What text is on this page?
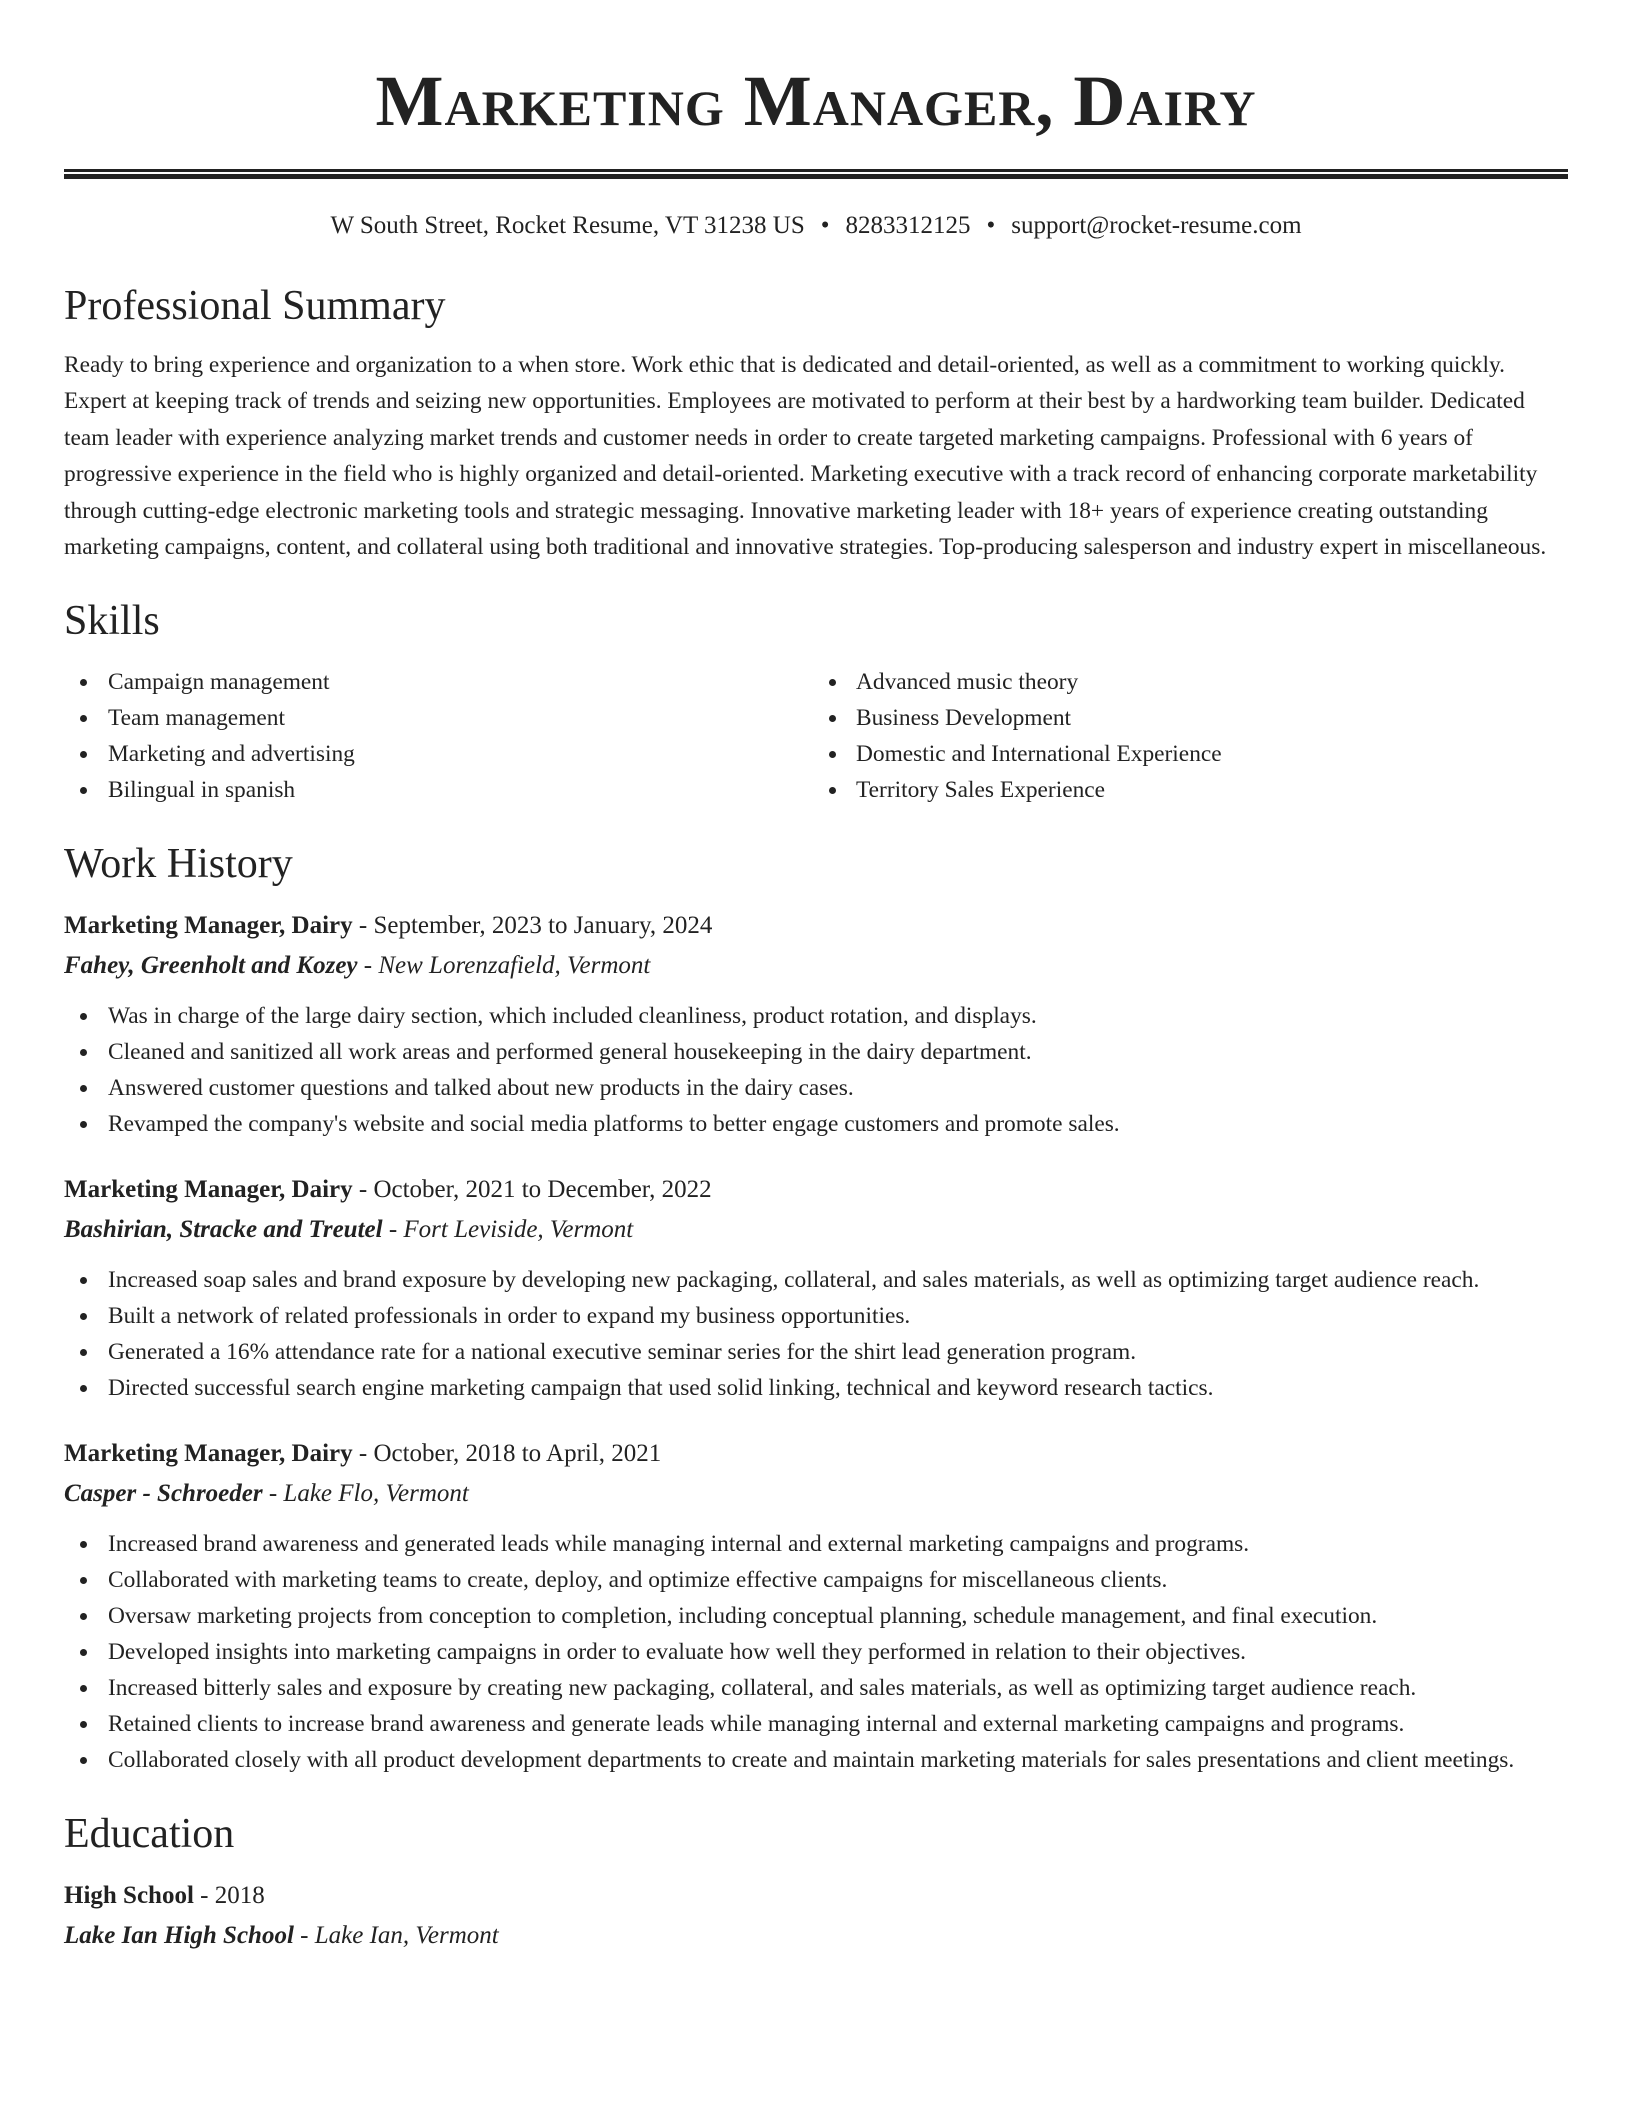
Marketing Manager, Dairy
W South Street, Rocket Resume, VT 31238 US • 8283312125 • support@rocket-resume.com
Professional Summary

Ready to bring experience and organization to a when store. Work ethic that is dedicated and detail-oriented, as well as a commitment to working quickly. Expert at keeping track of trends and seizing new opportunities. Employees are motivated to perform at their best by a hardworking team builder. Dedicated team leader with experience analyzing market trends and customer needs in order to create targeted marketing campaigns. Professional with 6 years of progressive experience in the field who is highly organized and detail-oriented. Marketing executive with a track record of enhancing corporate marketability through cutting-edge electronic marketing tools and strategic messaging. Innovative marketing leader with 18+ years of experience creating outstanding marketing campaigns, content, and collateral using both traditional and innovative strategies. Top-producing salesperson and industry expert in miscellaneous.

Skills
Campaign management
Team management
Marketing and advertising
Bilingual in spanish
Advanced music theory
Business Development
Domestic and International Experience
Territory Sales Experience
Work History
Marketing Manager, Dairy - September, 2023 to January, 2024
Fahey, Greenholt and Kozey - New Lorenzafield, Vermont
Was in charge of the large dairy section, which included cleanliness, product rotation, and displays.
Cleaned and sanitized all work areas and performed general housekeeping in the dairy department.
Answered customer questions and talked about new products in the dairy cases.
Revamped the company's website and social media platforms to better engage customers and promote sales.
Marketing Manager, Dairy - October, 2021 to December, 2022
Bashirian, Stracke and Treutel - Fort Leviside, Vermont
Increased soap sales and brand exposure by developing new packaging, collateral, and sales materials, as well as optimizing target audience reach.
Built a network of related professionals in order to expand my business opportunities.
Generated a 16% attendance rate for a national executive seminar series for the shirt lead generation program.
Directed successful search engine marketing campaign that used solid linking, technical and keyword research tactics.
Marketing Manager, Dairy - October, 2018 to April, 2021
Casper - Schroeder - Lake Flo, Vermont
Increased brand awareness and generated leads while managing internal and external marketing campaigns and programs.
Collaborated with marketing teams to create, deploy, and optimize effective campaigns for miscellaneous clients.
Oversaw marketing projects from conception to completion, including conceptual planning, schedule management, and final execution.
Developed insights into marketing campaigns in order to evaluate how well they performed in relation to their objectives.
Increased bitterly sales and exposure by creating new packaging, collateral, and sales materials, as well as optimizing target audience reach.
Retained clients to increase brand awareness and generate leads while managing internal and external marketing campaigns and programs.
Collaborated closely with all product development departments to create and maintain marketing materials for sales presentations and client meetings.
Education
High School - 2018
Lake Ian High School - Lake Ian, Vermont
